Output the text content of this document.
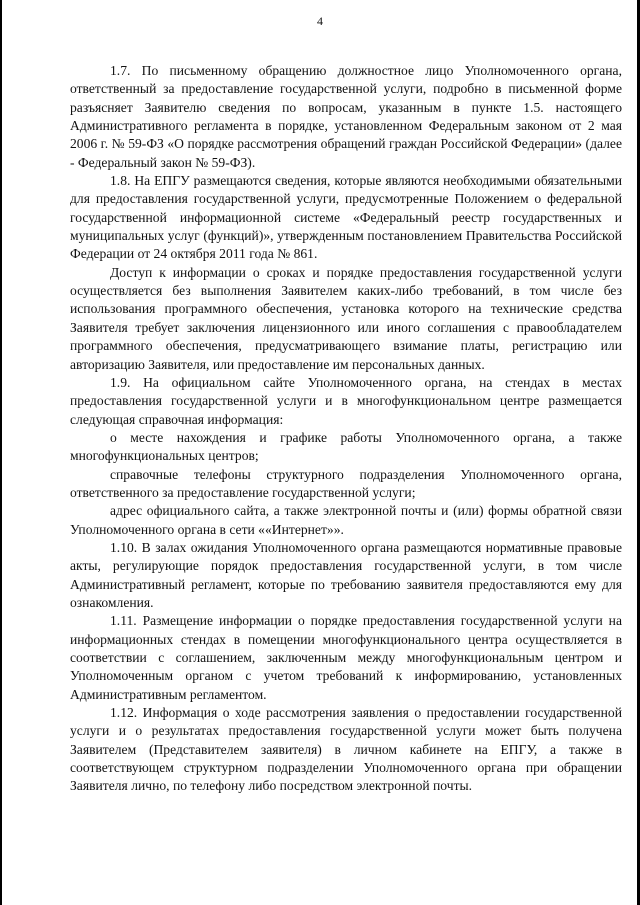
4

1.7. По письменному обращению должностное лицо Уполномоченного органа, ответственный за предоставление государственной услуги, подробно в письменной форме разъясняет Заявителю сведения по вопросам, указанным в пункте 1.5. настоящего Административного регламента в порядке, установленном Федеральным законом от 2 мая 2006 г. № 59-ФЗ «О порядке рассмотрения обращений граждан Российской Федерации» (далее - Федеральный закон № 59-ФЗ).

1.8. На ЕПГУ размещаются сведения, которые являются необходимыми обязательными для предоставления государственной услуги, предусмотренные Положением о федеральной государственной информационной системе «Федеральный реестр государственных и муниципальных услуг (функций)», утвержденным постановлением Правительства Российской Федерации от 24 октября 2011 года № 861.

Доступ к информации о сроках и порядке предоставления государственной услуги осуществляется без выполнения Заявителем каких-либо требований, в том числе без использования программного обеспечения, установка которого на технические средства Заявителя требует заключения лицензионного или иного соглашения с правообладателем программного обеспечения, предусматривающего взимание платы, регистрацию или авторизацию Заявителя, или предоставление им персональных данных.

1.9. На официальном сайте Уполномоченного органа, на стендах в местах предоставления государственной услуги и в многофункциональном центре размещается следующая справочная информация:

о месте нахождения и графике работы Уполномоченного органа, а также многофункциональных центров;

справочные телефоны структурного подразделения Уполномоченного органа, ответственного за предоставление государственной услуги;

адрес официального сайта, а также электронной почты и (или) формы обратной связи Уполномоченного органа в сети ««Интернет»».

1.10. В залах ожидания Уполномоченного органа размещаются нормативные правовые акты, регулирующие порядок предоставления государственной услуги, в том числе Административный регламент, которые по требованию заявителя предоставляются ему для ознакомления.

1.11. Размещение информации о порядке предоставления государственной услуги на информационных стендах в помещении многофункционального центра осуществляется в соответствии с соглашением, заключенным между многофункциональным центром и Уполномоченным органом с учетом требований к информированию, установленных Административным регламентом.

1.12. Информация о ходе рассмотрения заявления о предоставлении государственной услуги и о результатах предоставления государственной услуги может быть получена Заявителем (Представителем заявителя) в личном кабинете на ЕПГУ, а также в соответствующем структурном подразделении Уполномоченного органа при обращении Заявителя лично, по телефону либо посредством электронной почты.
